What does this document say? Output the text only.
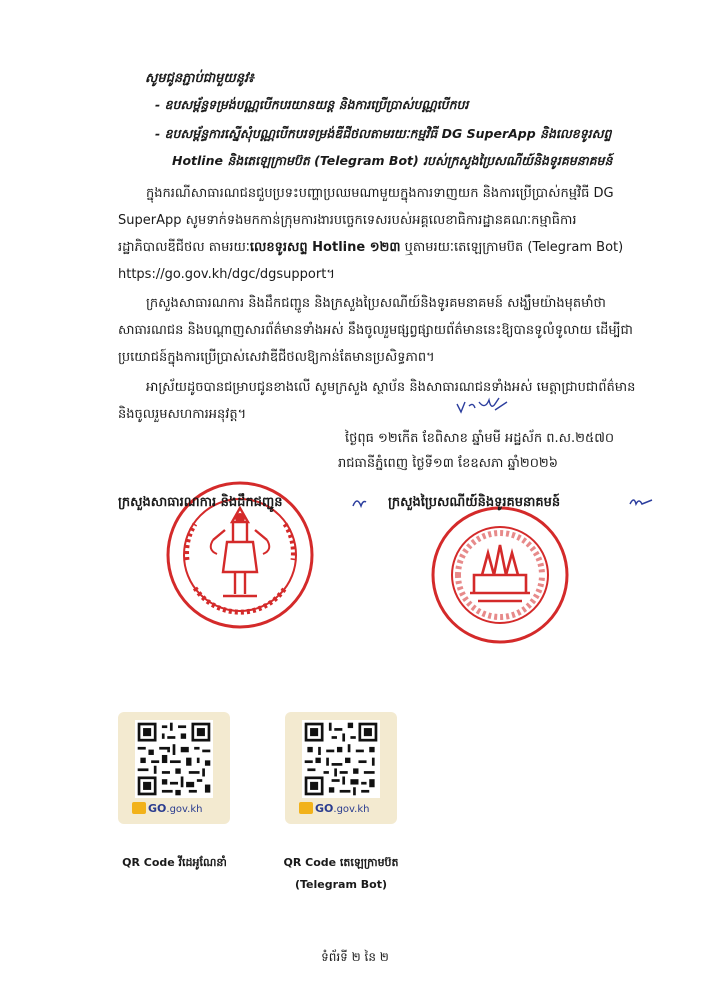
សូមជូនភ្ជាប់ជាមួយនូវ៖
- ឧបសម្ព័ន្ធទម្រង់បណ្ណបើកបរយានយន្ត និងការប្រើប្រាស់បណ្ណបើកបរ
- ឧបសម្ព័ន្ធការស្នើសុំបណ្ណបើកបរទម្រង់ឌីជីថលតាមរយៈកម្មវិធី DG SuperApp និងលេខទូរសព្ទ
Hotline និងតេឡេក្រាមប៊ត (Telegram Bot) របស់ក្រសួងប្រៃសណីយ៍និងទូរគមនាគមន៍
ក្នុងករណីសាធារណជនជួបប្រទះបញ្ហាប្រឈមណាមួយក្នុងការទាញយក និងការប្រើប្រាស់កម្មវិធី DG SuperApp សូមទាក់ទងមកកាន់ក្រុមការងារបច្ចេកទេសរបស់អគ្គលេខាធិការដ្ឋានគណៈកម្មាធិការរដ្ឋាភិបាលឌីជីថល តាមរយៈលេខទូរសព្ទ Hotline ១២៣ ឬតាមរយៈតេឡេក្រាមប៊ត (Telegram Bot) https://go.gov.kh/dgc/dgsupport។
ក្រសួងសាធារណការ និងដឹកជញ្ជូន និងក្រសួងប្រៃសណីយ៍និងទូរគមនាគមន៍ សង្ឃឹមយ៉ាងមុតមាំថា សាធារណជន និងបណ្ដាញសារព័ត៌មានទាំងអស់ នឹងចូលរួមផ្សព្វផ្សាយព័ត៌មាននេះឱ្យបានទូលំទូលាយ ដើម្បីជាប្រយោជន៍ក្នុងការប្រើប្រាស់សេវាឌីជីថលឱ្យកាន់តែមានប្រសិទ្ធភាព។
អាស្រ័យដូចបានជម្រាបជូនខាងលើ សូមក្រសួង ស្ថាប័ន និងសាធារណជនទាំងអស់ មេត្តាជ្រាបជាព័ត៌មាន និងចូលរួមសហការអនុវត្ត។
ថ្ងៃពុធ ១២កេីត ខែពិសាខ ឆ្នាំមមី អដ្ឋស័ក ព.ស.២៥៧០
រាជធានីភ្នំពេញ ថ្ងៃទី១៣ ខែឧសភា ឆ្នាំ២០២៦
ក្រសួងសាធារណការ និងដឹកជញ្ជូន	ក្រសួងប្រៃសណីយ៍និងទូរគមនាគមន៍
GO.gov.kh	GO.gov.kh
QR Code វីដេអូណែនាំ	QR Code តេឡេក្រាមប៊ត
(Telegram Bot)
ទំព័រទី ២ នៃ ២
